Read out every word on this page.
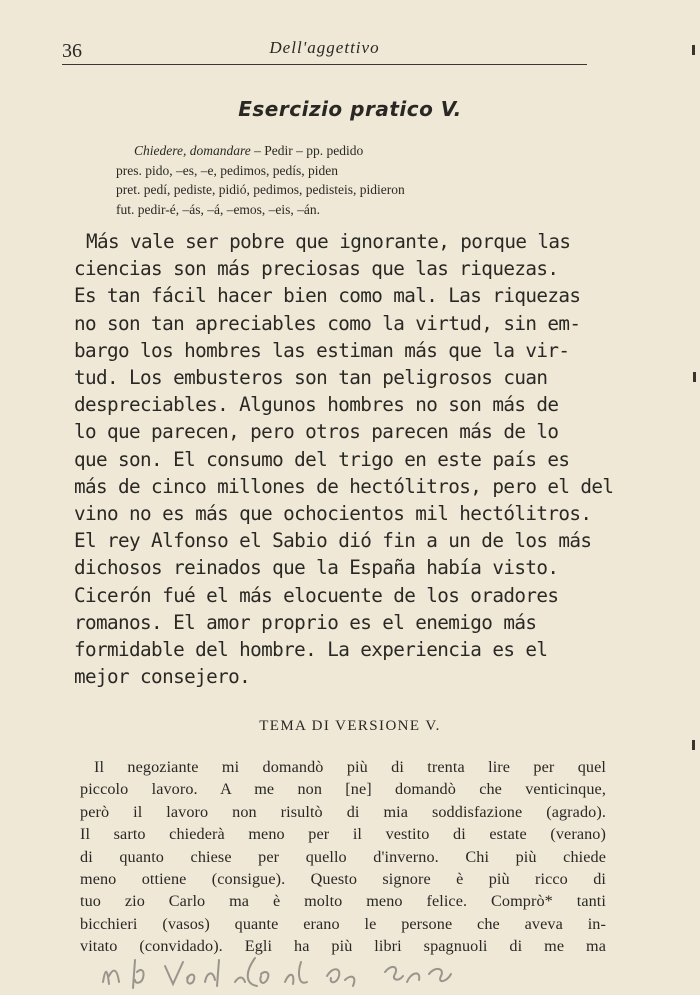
36	Dell'aggettivo
Esercizio pratico V.
Chiedere, domandare – Pedir – pp. pedido
pres. pido, –es, –e, pedimos, pedís, piden
pret. pedí, pediste, pidió, pedimos, pedisteis, pidieron
fut. pedir-é, –ás, –á, –emos, –eis, –án.
Más vale ser pobre que ignorante, porque las
ciencias son más preciosas que las riquezas.
Es tan fácil hacer bien como mal. Las riquezas
no son tan apreciables como la virtud, sin em-
bargo los hombres las estiman más que la vir-
tud. Los embusteros son tan peligrosos cuan
despreciables. Algunos hombres no son más de
lo que parecen, pero otros parecen más de lo
que son. El consumo del trigo en este país es
más de cinco millones de hectólitros, pero el del
vino no es más que ochocientos mil hectólitros.
El rey Alfonso el Sabio dió fin a un de los más
dichosos reinados que la España había visto.
Cicerón fué el más elocuente de los oradores
romanos. El amor proprio es el enemigo más
formidable del hombre. La experiencia es el
mejor consejero.
TEMA DI VERSIONE V.
Il negoziante mi domandò più di trenta lire per quel
piccolo lavoro. A me non [ne] domandò che venticinque,
però il lavoro non risultò di mia soddisfazione (agrado).
Il sarto chiederà meno per il vestito di estate (verano)
di quanto chiese per quello d'inverno. Chi più chiede
meno ottiene (consigue). Questo signore è più ricco di
tuo zio Carlo ma è molto meno felice. Comprò* tanti
bicchieri (vasos) quante erano le persone che aveva in-
vitato (convidado). Egli ha più libri spagnuoli di me ma
